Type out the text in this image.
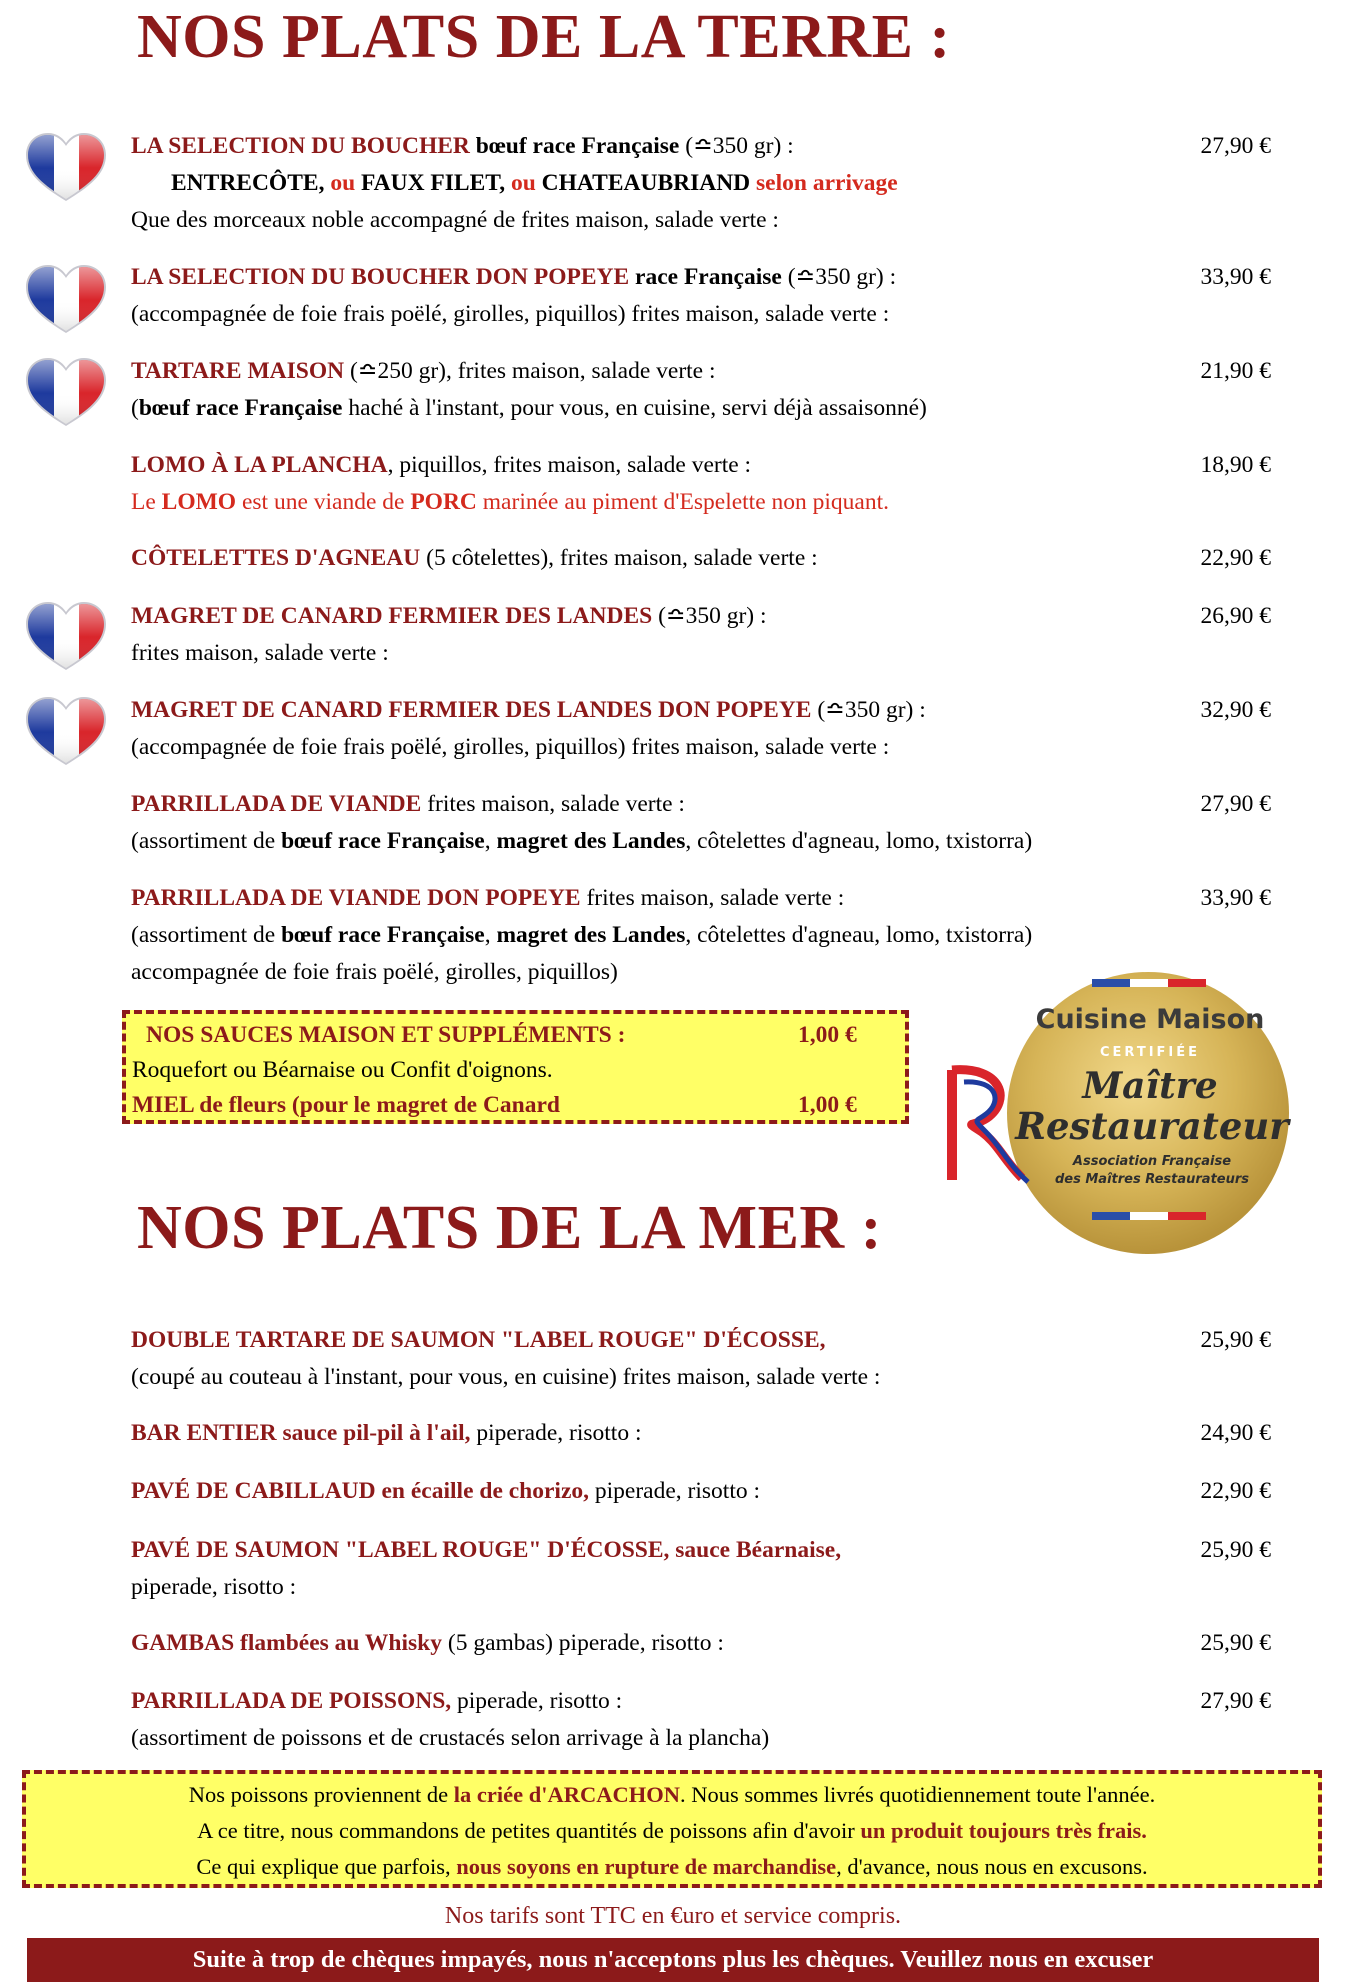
NOS PLATS DE LA TERRE :
LA SELECTION DU BOUCHER bœuf race Française (≏350 gr) :	27,90 €
ENTRECÔTE, ou FAUX FILET, ou CHATEAUBRIAND selon arrivage
Que des morceaux noble accompagné de frites maison, salade verte :
LA SELECTION DU BOUCHER DON POPEYE race Française (≏350 gr) :	33,90 €
(accompagnée de foie frais poëlé, girolles, piquillos) frites maison, salade verte :
TARTARE MAISON (≏250 gr), frites maison, salade verte :	21,90 €
(bœuf race Française haché à l'instant, pour vous, en cuisine, servi déjà assaisonné)
LOMO À LA PLANCHA, piquillos, frites maison, salade verte :	18,90 €
Le LOMO est une viande de PORC marinée au piment d'Espelette non piquant.
CÔTELETTES D'AGNEAU (5 côtelettes), frites maison, salade verte :	22,90 €
MAGRET DE CANARD FERMIER DES LANDES (≏350 gr) :	26,90 €
frites maison, salade verte :
MAGRET DE CANARD FERMIER DES LANDES DON POPEYE (≏350 gr) :	32,90 €
(accompagnée de foie frais poëlé, girolles, piquillos) frites maison, salade verte :
PARRILLADA DE VIANDE frites maison, salade verte :	27,90 €
(assortiment de bœuf race Française, magret des Landes, côtelettes d'agneau, lomo, txistorra)
PARRILLADA DE VIANDE DON POPEYE frites maison, salade verte :	33,90 €
(assortiment de bœuf race Française, magret des Landes, côtelettes d'agneau, lomo, txistorra)
accompagnée de foie frais poëlé, girolles, piquillos)
NOS SAUCES MAISON ET SUPPLÉMENTS :	1,00 €
Roquefort ou Béarnaise ou Confit d'oignons.
MIEL de fleurs (pour le magret de Canard	1,00 €
Cuisine Maison
CERTIFIÉE
Maître
Restaurateur
Association Française
des Maîtres Restaurateurs
NOS PLATS DE LA MER :
DOUBLE TARTARE DE SAUMON "LABEL ROUGE" D'ÉCOSSE,	25,90 €
(coupé au couteau à l'instant, pour vous, en cuisine) frites maison, salade verte :
BAR ENTIER sauce pil-pil à l'ail, piperade, risotto :	24,90 €
PAVÉ DE CABILLAUD en écaille de chorizo, piperade, risotto :	22,90 €
PAVÉ DE SAUMON "LABEL ROUGE" D'ÉCOSSE, sauce Béarnaise,	25,90 €
piperade, risotto :
GAMBAS flambées au Whisky (5 gambas) piperade, risotto :	25,90 €
PARRILLADA DE POISSONS, piperade, risotto :	27,90 €
(assortiment de poissons et de crustacés selon arrivage à la plancha)
Nos poissons proviennent de la criée d'ARCACHON. Nous sommes livrés quotidiennement toute l'année.
A ce titre, nous commandons de petites quantités de poissons afin d'avoir un produit toujours très frais.
Ce qui explique que parfois, nous soyons en rupture de marchandise, d'avance, nous nous en excusons.
Nos tarifs sont TTC en €uro et service compris.
Suite à trop de chèques impayés, nous n'acceptons plus les chèques. Veuillez nous en excuser
